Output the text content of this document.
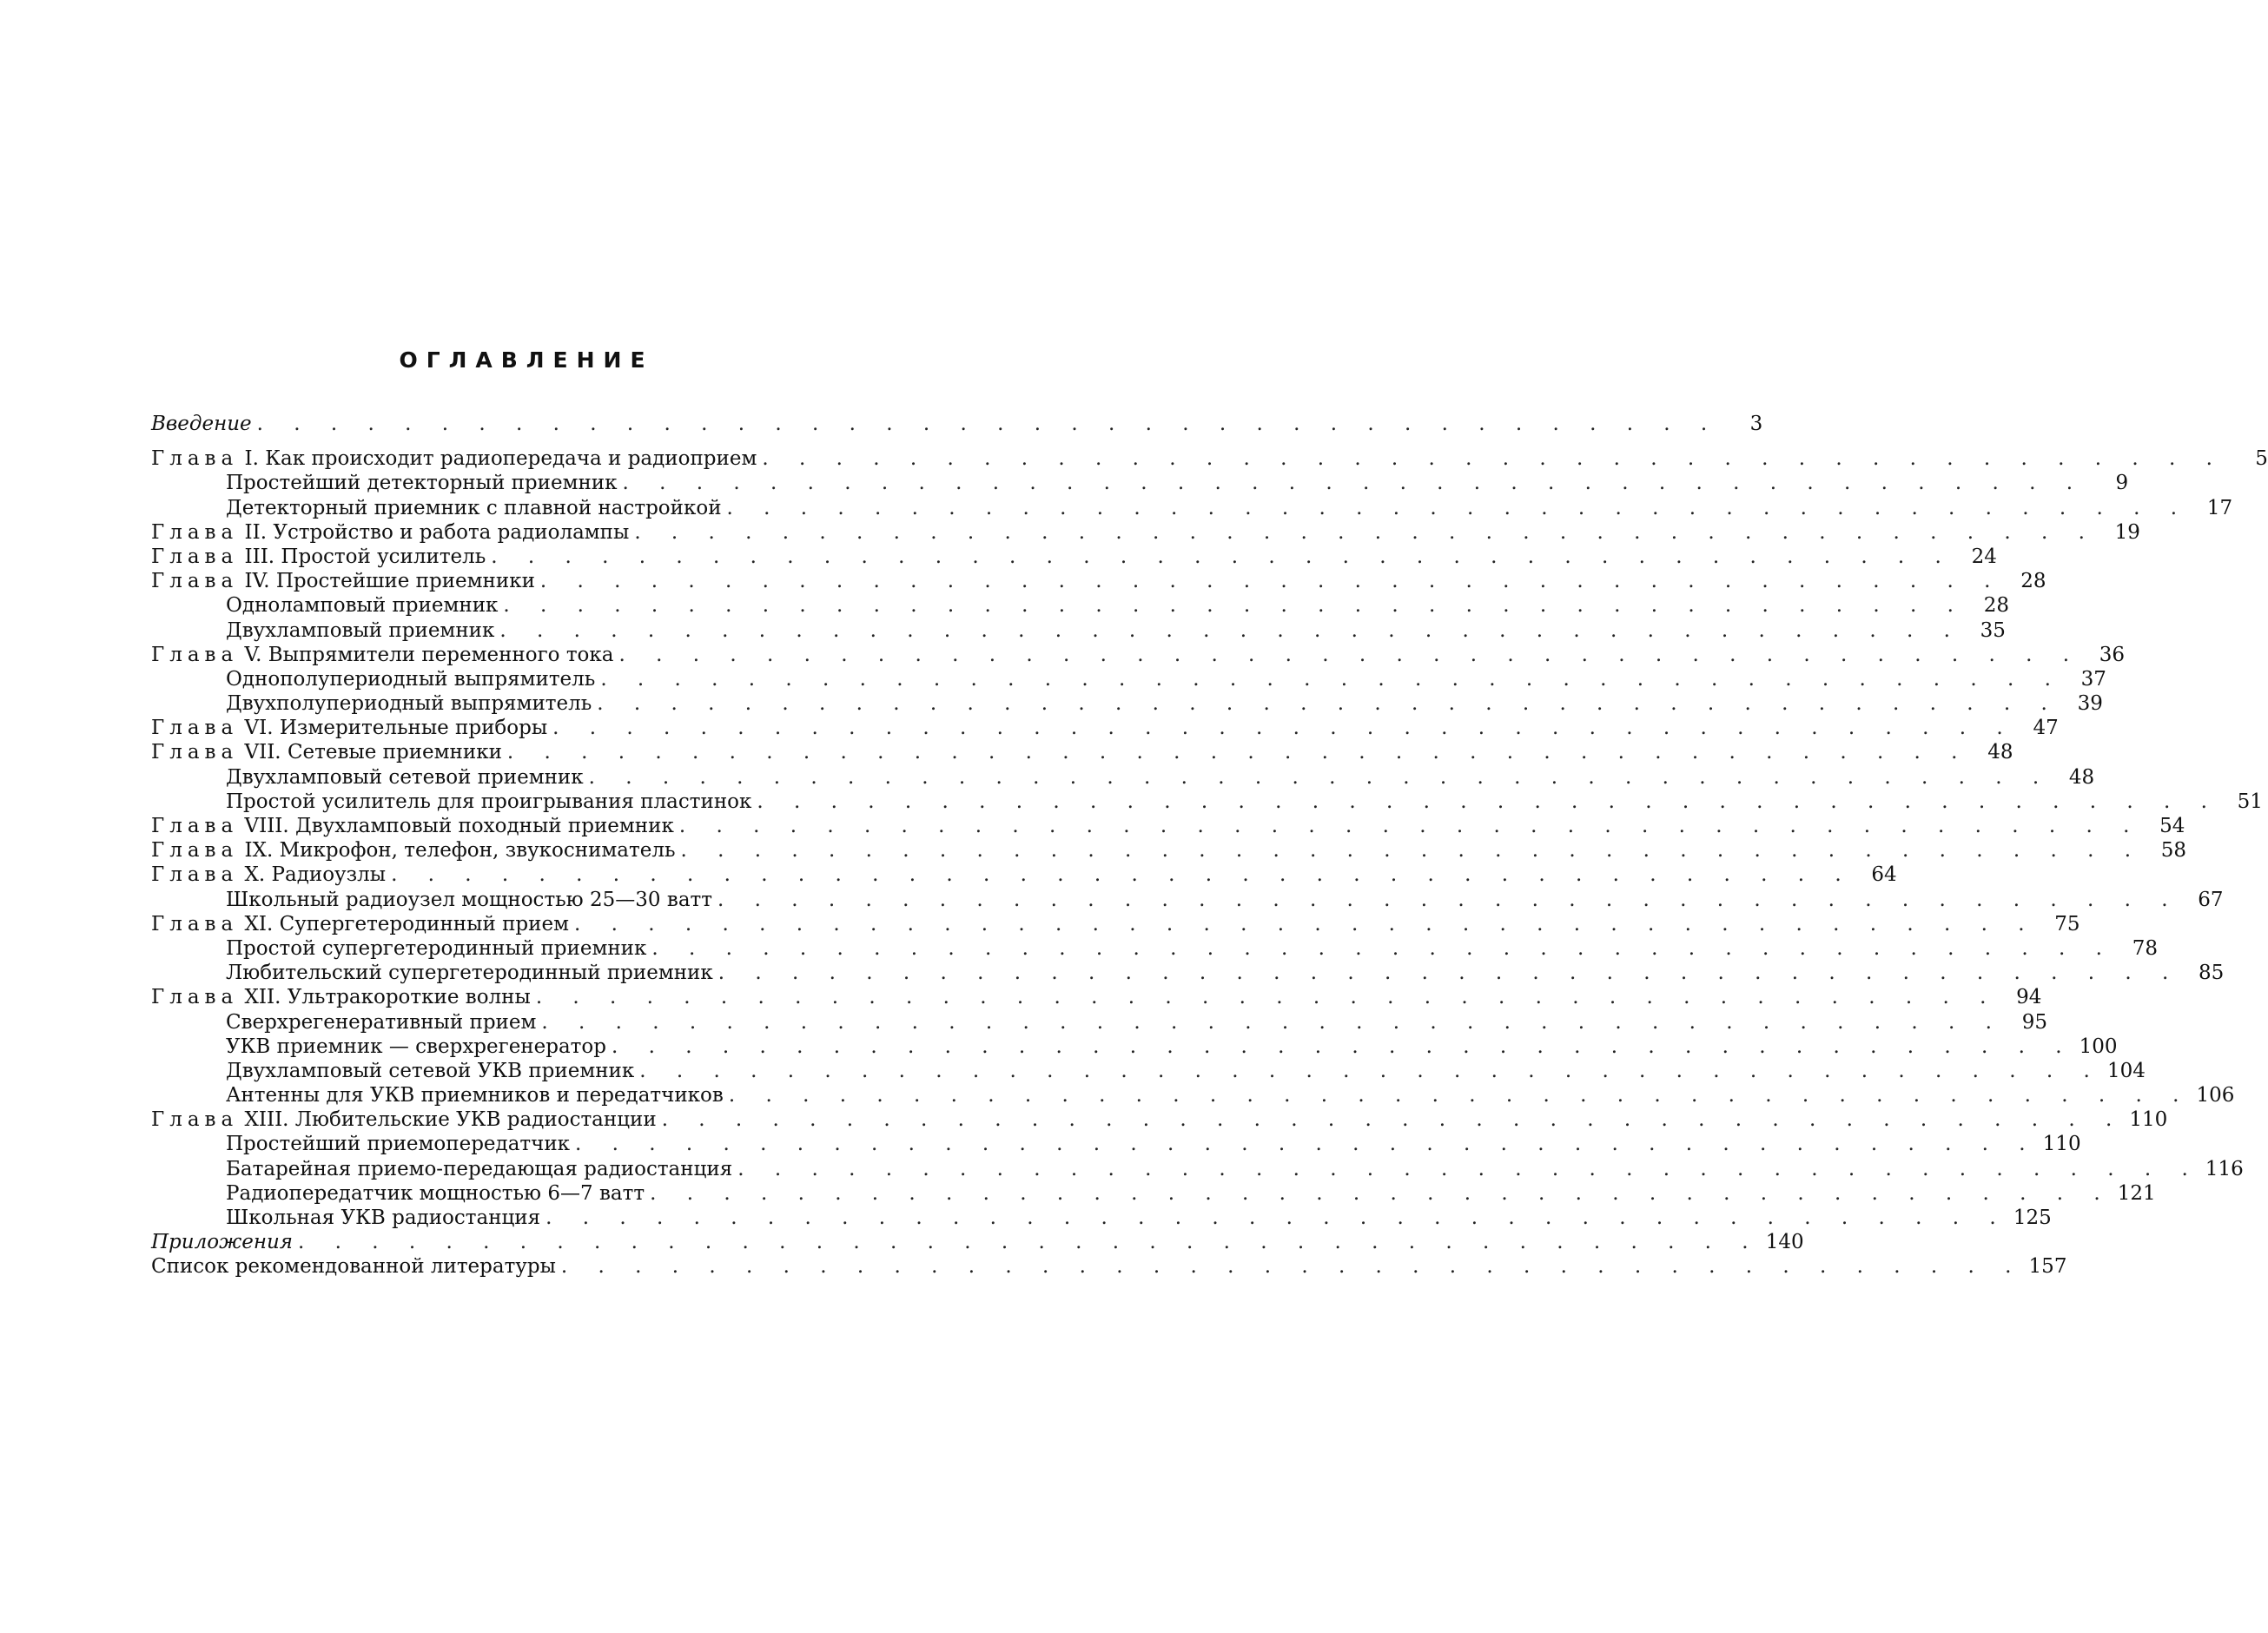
ОГЛАВЛЕНИЕ
Введение . . .	3
Глава I. Как происходит радиопередача и радиоприем . . .	5
Простейший детекторный приемник . . .	9
Детекторный приемник с плавной настройкой . . .	17
Глава II. Устройство и работа радиолампы . . .	19
Глава III. Простой усилитель . . .	24
Глава IV. Простейшие приемники . . .	28
Одноламповый приемник . . .	28
Двухламповый приемник . . .	35
Глава V. Выпрямители переменного тока . . .	36
Однополупериодный выпрямитель . . .	37
Двухполупериодный выпрямитель . . .	39
Глава VI. Измерительные приборы . . .	47
Глава VII. Сетевые приемники . . .	48
Двухламповый сетевой приемник . . .	48
Простой усилитель для проигрывания пластинок . . .	51
Глава VIII. Двухламповый походный приемник . . .	54
Глава IX. Микрофон, телефон, звукосниматель . . .	58
Глава X. Радиоузлы . . .	64
Школьный радиоузел мощностью 25—30 ватт . . .	67
Глава XI. Супергетеродинный прием . . .	75
Простой супергетеродинный приемник . . .	78
Любительский супергетеродинный приемник . . .	85
Глава XII. Ультракороткие волны . . .	94
Сверхрегенеративный прием . . .	95
УКВ приемник — сверхрегенератор . . .	100
Двухламповый сетевой УКВ приемник . . .	104
Антенны для УКВ приемников и передатчиков . . .	106
Глава XIII. Любительские УКВ радиостанции . . .	110
Простейший приемопередатчик . . .	110
Батарейная приемо-передающая радиостанция . . .	116
Радиопередатчик мощностью 6—7 ватт . . .	121
Школьная УКВ радиостанция . . .	125
Приложения . . .	140
Список рекомендованной литературы . . .	157
